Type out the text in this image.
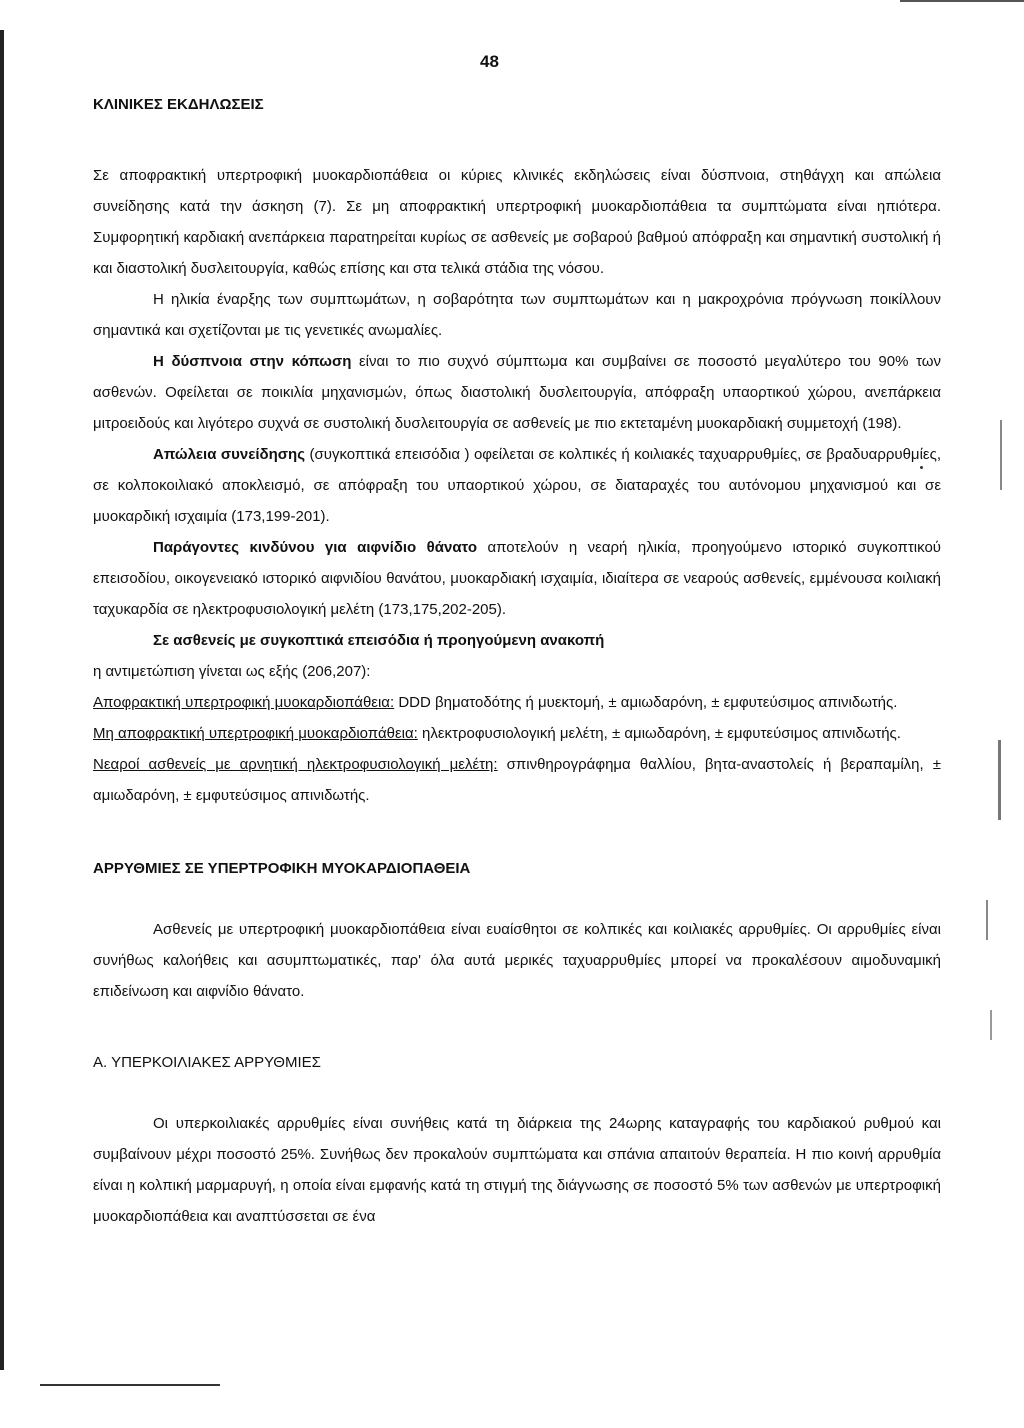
48
ΚΛΙΝΙΚΕΣ ΕΚΔΗΛΩΣΕΙΣ

Σε αποφρακτική υπερτροφική μυοκαρδιοπάθεια οι κύριες κλινικές εκδηλώσεις είναι δύσπνοια, στηθάγχη και απώλεια συνείδησης κατά την άσκηση (7). Σε μη αποφρακτική υπερτροφική μυοκαρδιοπάθεια τα συμπτώματα είναι ηπιότερα. Συμφορητική καρδιακή ανεπάρκεια παρατηρείται κυρίως σε ασθενείς με σοβαρού βαθμού απόφραξη και σημαντική συστολική ή και διαστολική δυσλειτουργία, καθώς επίσης και στα τελικά στάδια της νόσου.

Η ηλικία έναρξης των συμπτωμάτων, η σοβαρότητα των συμπτωμάτων και η μακροχρόνια πρόγνωση ποικίλλουν σημαντικά και σχετίζονται με τις γενετικές ανωμαλίες.

Η δύσπνοια στην κόπωση είναι το πιο συχνό σύμπτωμα και συμβαίνει σε ποσοστό μεγαλύτερο του 90% των ασθενών. Οφείλεται σε ποικιλία μηχανισμών, όπως διαστολική δυσλειτουργία, απόφραξη υπαορτικού χώρου, ανεπάρκεια μιτροειδούς και λιγότερο συχνά σε συστολική δυσλειτουργία σε ασθενείς με πιο εκτεταμένη μυοκαρδιακή συμμετοχή (198).

Απώλεια συνείδησης (συγκοπτικά επεισόδια ) οφείλεται σε κολπικές ή κοιλιακές ταχυαρρυθμίες, σε βραδυαρρυθμίες, σε κολποκοιλιακό αποκλεισμό, σε απόφραξη του υπαορτικού χώρου, σε διαταραχές του αυτόνομου μηχανισμού και σε μυοκαρδική ισχαιμία (173,199-201).

Παράγοντες κινδύνου για αιφνίδιο θάνατο αποτελούν η νεαρή ηλικία, προηγούμενο ιστορικό συγκοπτικού επεισοδίου, οικογενειακό ιστορικό αιφνιδίου θανάτου, μυοκαρδιακή ισχαιμία, ιδιαίτερα σε νεαρούς ασθενείς, εμμένουσα κοιλιακή ταχυκαρδία σε ηλεκτροφυσιολογική μελέτη (173,175,202-205).

Σε ασθενείς με συγκοπτικά επεισόδια ή προηγούμενη ανακοπή

η αντιμετώπιση γίνεται ως εξής (206,207):

Αποφρακτική υπερτροφική μυοκαρδιοπάθεια: DDD βηματοδότης ή μυεκτομή, ± αμιωδαρόνη, ± εμφυτεύσιμος απινιδωτής.

Μη αποφρακτική υπερτροφική μυοκαρδιοπάθεια: ηλεκτροφυσιολογική μελέτη, ± αμιωδαρόνη, ± εμφυτεύσιμος απινιδωτής.

Νεαροί ασθενείς με αρνητική ηλεκτροφυσιολογική μελέτη: σπινθηρογράφημα θαλλίου, βητα-αναστολείς ή βεραπαμίλη, ± αμιωδαρόνη, ± εμφυτεύσιμος απινιδωτής.

ΑΡΡΥΘΜΙΕΣ ΣΕ ΥΠΕΡΤΡΟΦΙΚΗ ΜΥΟΚΑΡΔΙΟΠΑΘΕΙΑ

Ασθενείς με υπερτροφική μυοκαρδιοπάθεια είναι ευαίσθητοι σε κολπικές και κοιλιακές αρρυθμίες. Οι αρρυθμίες είναι συνήθως καλοήθεις και ασυμπτωματικές, παρ' όλα αυτά μερικές ταχυαρρυθμίες μπορεί να προκαλέσουν αιμοδυναμική επιδείνωση και αιφνίδιο θάνατο.

Α. ΥΠΕΡΚΟΙΛΙΑΚΕΣ ΑΡΡΥΘΜΙΕΣ

Οι υπερκοιλιακές αρρυθμίες είναι συνήθεις κατά τη διάρκεια της 24ωρης καταγραφής του καρδιακού ρυθμού και συμβαίνουν μέχρι ποσοστό 25%. Συνήθως δεν προκαλούν συμπτώματα και σπάνια απαιτούν θεραπεία. Η πιο κοινή αρρυθμία είναι η κολπική μαρμαρυγή, η οποία είναι εμφανής κατά τη στιγμή της διάγνωσης σε ποσοστό 5% των ασθενών με υπερτροφική μυοκαρδιοπάθεια και αναπτύσσεται σε ένα
